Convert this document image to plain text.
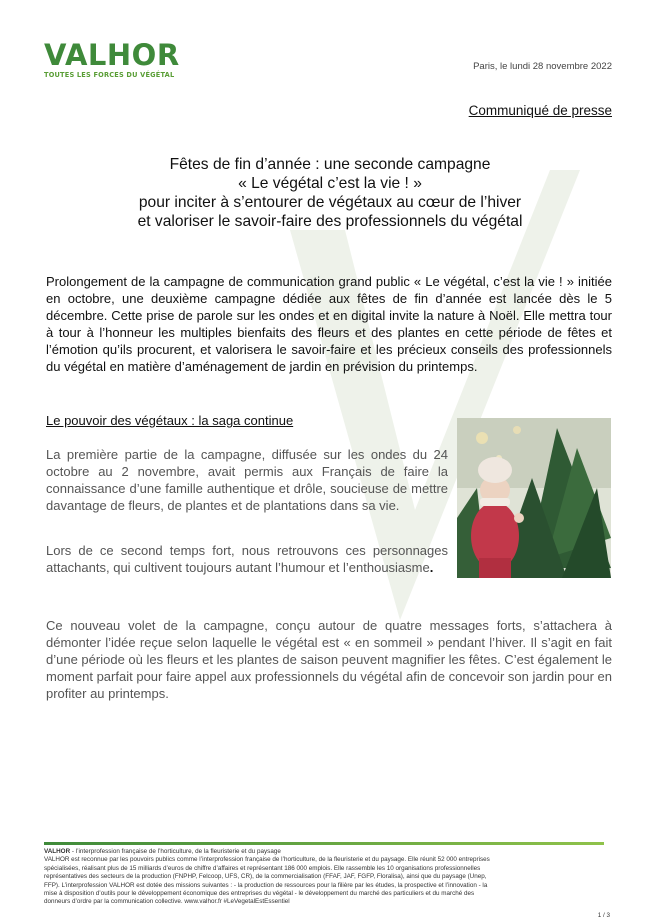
VALHOR
TOUTES LES FORCES DU VÉGÉTAL
Paris, le lundi 28 novembre 2022
Communiqué de presse
Fêtes de fin d’année : une seconde campagne
« Le végétal c’est la vie ! »
pour inciter à s’entourer de végétaux au cœur de l’hiver
et valoriser le savoir-faire des professionnels du végétal
Prolongement de la campagne de communication grand public « Le végétal, c’est la vie ! » initiée en octobre, une deuxième campagne dédiée aux fêtes de fin d’année est lancée dès le 5 décembre. Cette prise de parole sur les ondes et en digital invite la nature à Noël. Elle mettra tour à tour à l’honneur les multiples bienfaits des fleurs et des plantes en cette période de fêtes et l’émotion qu’ils procurent, et valorisera le savoir-faire et les précieux conseils des professionnels du végétal en matière d’aménagement de jardin en prévision du printemps.
Le pouvoir des végétaux : la saga continue
La première partie de la campagne, diffusée sur les ondes du 24 octobre au 2 novembre, avait permis aux Français de faire la connaissance d’une famille authentique et drôle, soucieuse de mettre davantage de fleurs, de plantes et de plantations dans sa vie.
Lors de ce second temps fort, nous retrouvons ces personnages attachants, qui cultivent toujours autant l’humour et l’enthousiasme.
Ce nouveau volet de la campagne, conçu autour de quatre messages forts, s’attachera à démonter l’idée reçue selon laquelle le végétal est « en sommeil » pendant l’hiver. Il s’agit en fait d’une période où les fleurs et les plantes de saison peuvent magnifier les fêtes. C’est également le moment parfait pour faire appel aux professionnels du végétal afin de concevoir son jardin pour en profiter au printemps.
VALHOR - l’interprofession française de l’horticulture, de la fleuristerie et du paysage
VALHOR est reconnue par les pouvoirs publics comme l’interprofession française de l’horticulture, de la fleuristerie et du paysage. Elle réunit 52 000 entreprises
spécialisées, réalisant plus de 15 milliards d’euros de chiffre d’affaires et représentant 186 000 emplois. Elle rassemble les 10 organisations professionnelles
représentatives des secteurs de la production (FNPHP, Felcoop, UFS, CR), de la commercialisation (FFAF, JAF, FGFP, Floralisa), ainsi que du paysage (Unep,
FFP). L’interprofession VALHOR est dotée des missions suivantes : - la production de ressources pour la filière par les études, la prospective et l’innovation - la
mise à disposition d’outils pour le développement économique des entreprises du végétal - le développement du marché des particuliers et du marché des
donneurs d’ordre par la communication collective. www.valhor.fr #LeVegetalEstEssentiel
1 / 3
